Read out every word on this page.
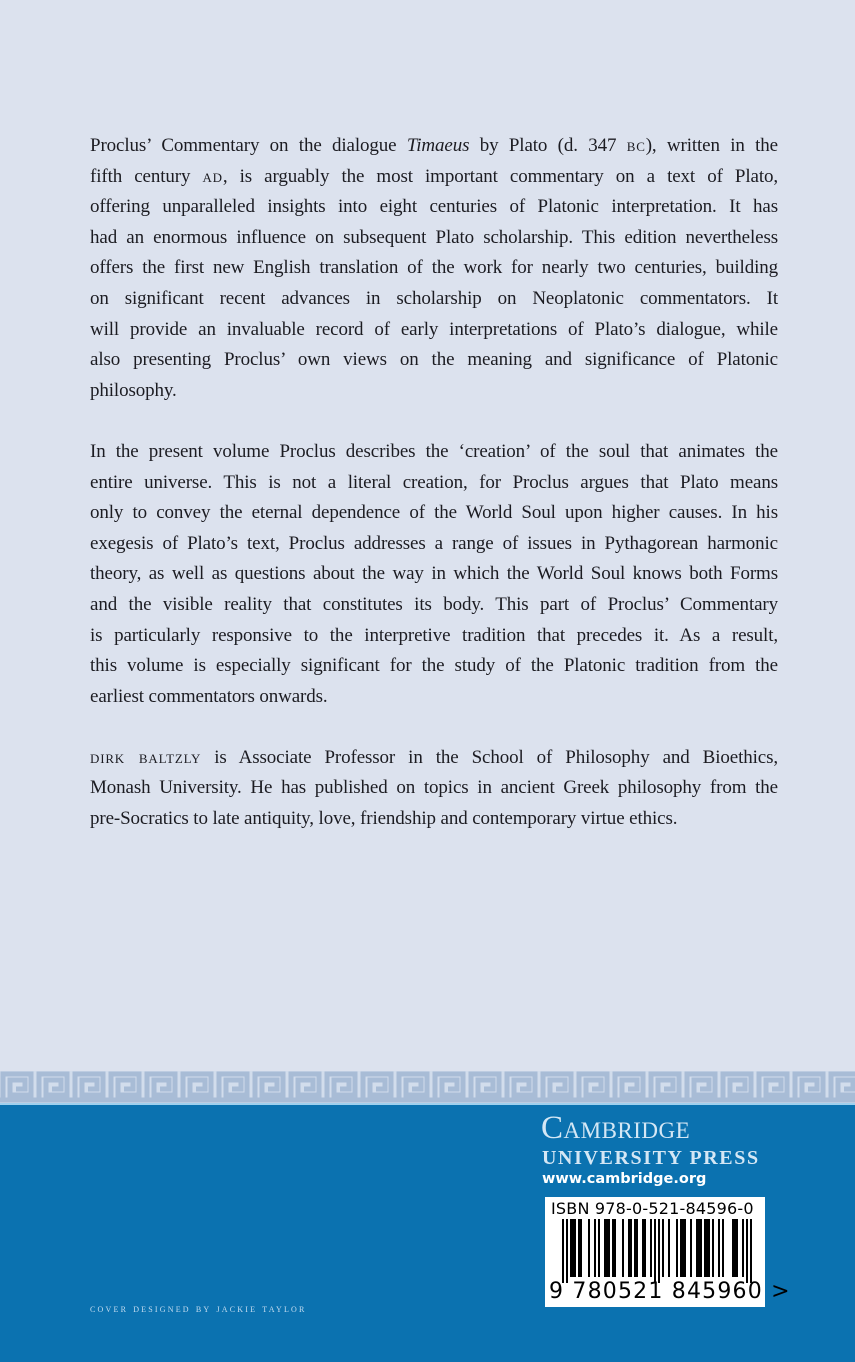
Proclus’ Commentary on the dialogue Timaeus by Plato (d. 347 bc), written in the
fifth century ad, is arguably the most important commentary on a text of Plato,
offering unparalleled insights into eight centuries of Platonic interpretation. It has
had an enormous influence on subsequent Plato scholarship. This edition nevertheless
offers the first new English translation of the work for nearly two centuries, building
on significant recent advances in scholarship on Neoplatonic commentators. It
will provide an invaluable record of early interpretations of Plato’s dialogue, while
also presenting Proclus’ own views on the meaning and significance of Platonic
philosophy.
In the present volume Proclus describes the ‘creation’ of the soul that animates the
entire universe. This is not a literal creation, for Proclus argues that Plato means
only to convey the eternal dependence of the World Soul upon higher causes. In his
exegesis of Plato’s text, Proclus addresses a range of issues in Pythagorean harmonic
theory, as well as questions about the way in which the World Soul knows both Forms
and the visible reality that constitutes its body. This part of Proclus’ Commentary
is particularly responsive to the interpretive tradition that precedes it. As a result,
this volume is especially significant for the study of the Platonic tradition from the
earliest commentators onwards.
dirk baltzly is Associate Professor in the School of Philosophy and Bioethics,
Monash University. He has published on topics in ancient Greek philosophy from the
pre-Socratics to late antiquity, love, friendship and contemporary virtue ethics.
Cambridge
UNIVERSITY PRESS
www.cambridge.org
ISBN 978-0-521-84596-0
9 780521 845960 >
cover designed by jackie taylor
